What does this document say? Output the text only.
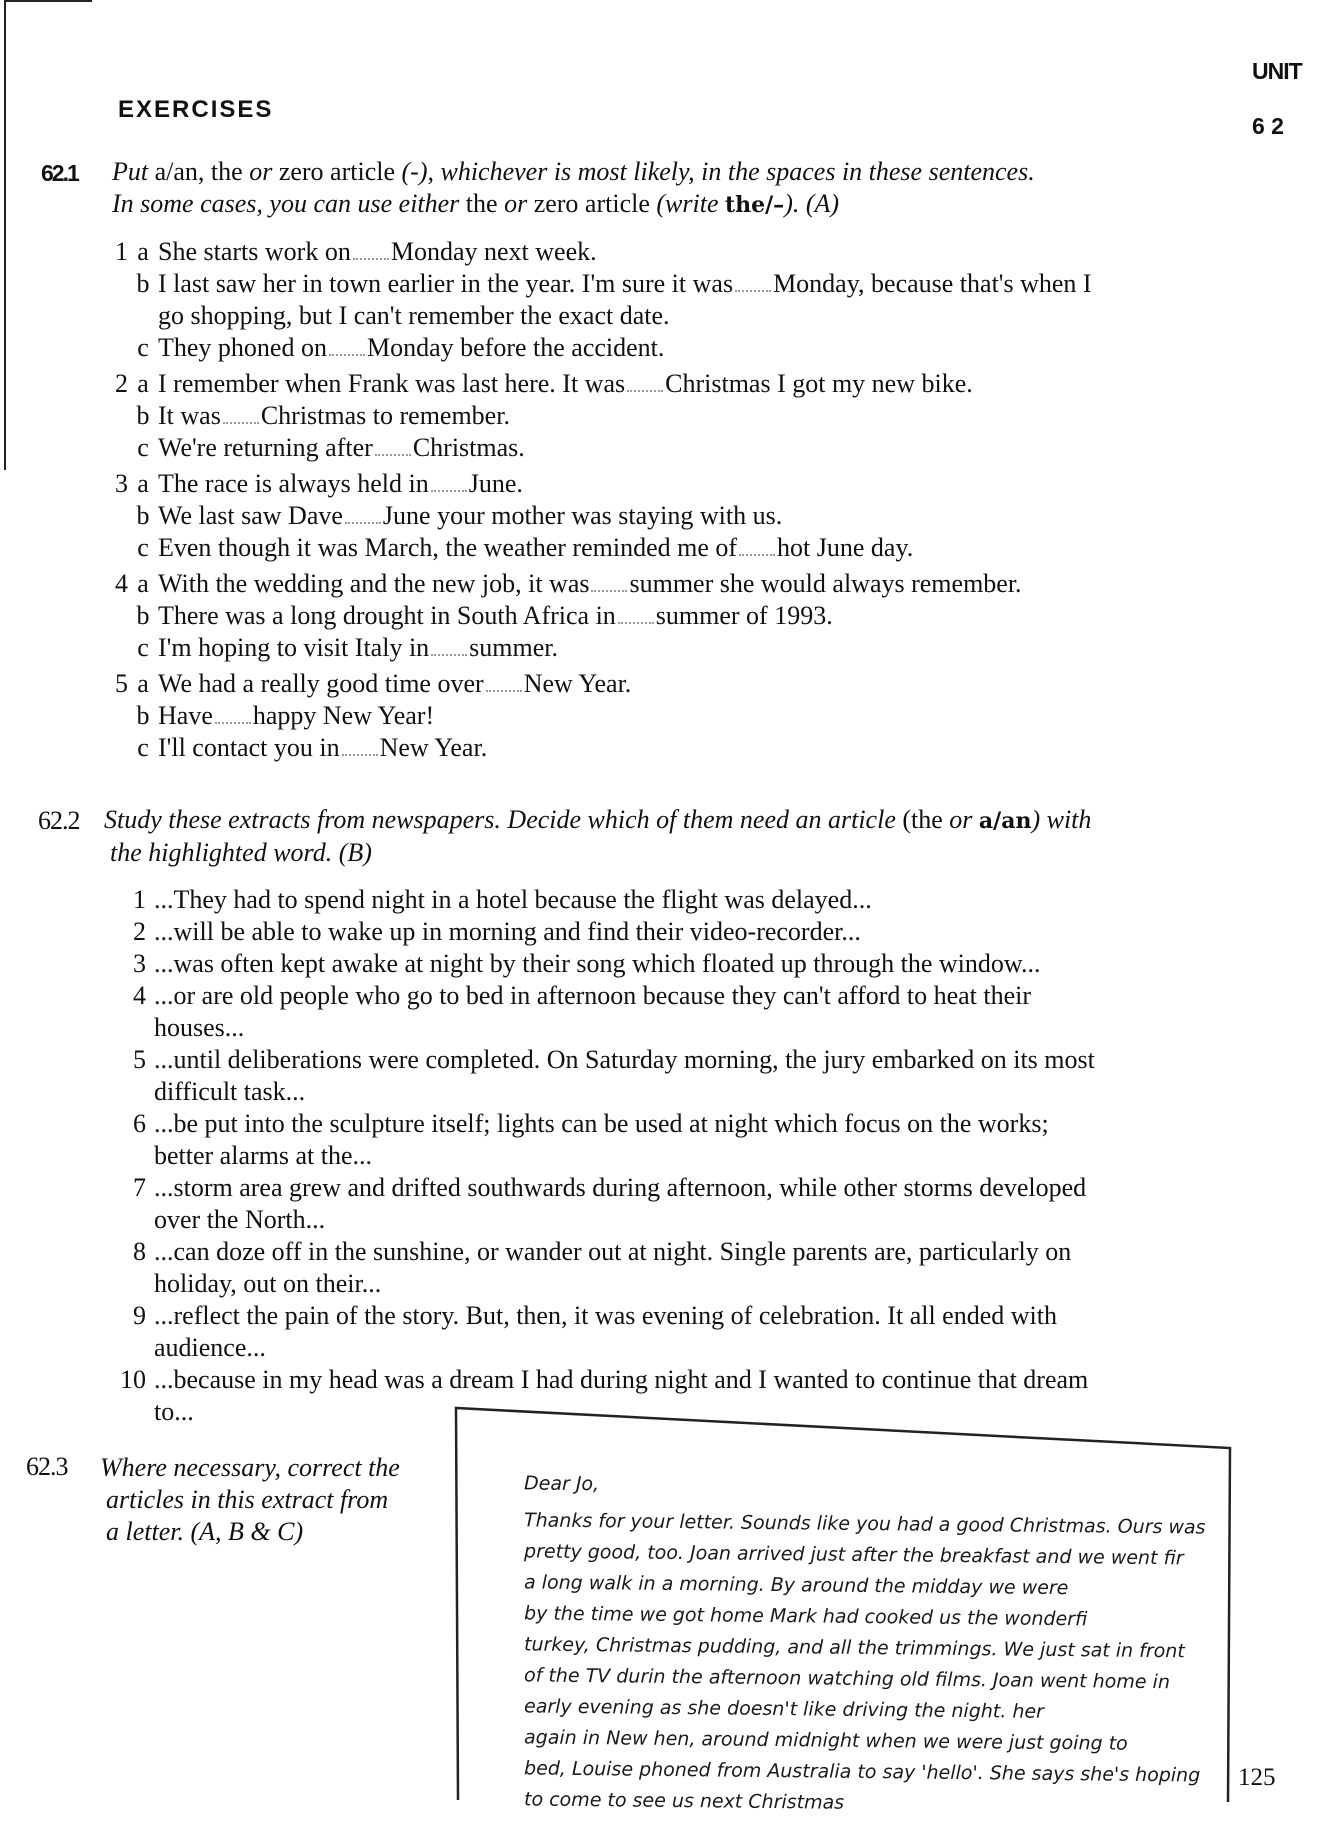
EXERCISES
UNIT
6 2
62.1 Put a/an, the or zero article (-), whichever is most likely, in the spaces in these sentences.
In some cases, you can use either the or zero article (write the/–). (A)
1 a She starts work on Monday next week.
b I last saw her in town earlier in the year. I'm sure it was Monday, because that's when I
go shopping, but I can't remember the exact date.
c They phoned on Monday before the accident.
2 a I remember when Frank was last here. It was Christmas I got my new bike.
b It was Christmas to remember.
c We're returning after Christmas.
3 a The race is always held in June.
b We last saw Dave June your mother was staying with us.
c Even though it was March, the weather reminded me of hot June day.
4 a With the wedding and the new job, it was summer she would always remember.
b There was a long drought in South Africa in summer of 1993.
c I'm hoping to visit Italy in summer.
5 a We had a really good time over New Year.
b Have happy New Year!
c I'll contact you in New Year.
62.2 Study these extracts from newspapers. Decide which of them need an article (the or a/an) with
the highlighted word. (B)
1 ...They had to spend night in a hotel because the flight was delayed...
2 ...will be able to wake up in morning and find their video-recorder...
3 ...was often kept awake at night by their song which floated up through the window...
4 ...or are old people who go to bed in afternoon because they can't afford to heat their
houses...
5 ...until deliberations were completed. On Saturday morning, the jury embarked on its most
difficult task...
6 ...be put into the sculpture itself; lights can be used at night which focus on the works;
better alarms at the...
7 ...storm area grew and drifted southwards during afternoon, while other storms developed
over the North...
8 ...can doze off in the sunshine, or wander out at night. Single parents are, particularly on
holiday, out on their...
9 ...reflect the pain of the story. But, then, it was evening of celebration. It all ended with
audience...
10 ...because in my head was a dream I had during night and I wanted to continue that dream
to...
62.3 Where necessary, correct the
articles in this extract from
a letter. (A, B & C)
Dear Jo,
Thanks for your letter. Sounds like you had a good Christmas. Ours was
pretty good, too. Joan arrived just after the breakfast and we went fir
a long walk in a morning. By around the midday we were
by the time we got home Mark had cooked us the wonderfi
turkey, Christmas pudding, and all the trimmings. We just sat in front
of the TV durin the afternoon watching old films. Joan went home in
early evening as she doesn't like driving the night. her
again in New hen, around midnight when we were just going to
bed, Louise phoned from Australia to say 'hello'. She says she's hoping
to come to see us next Christmas
125
